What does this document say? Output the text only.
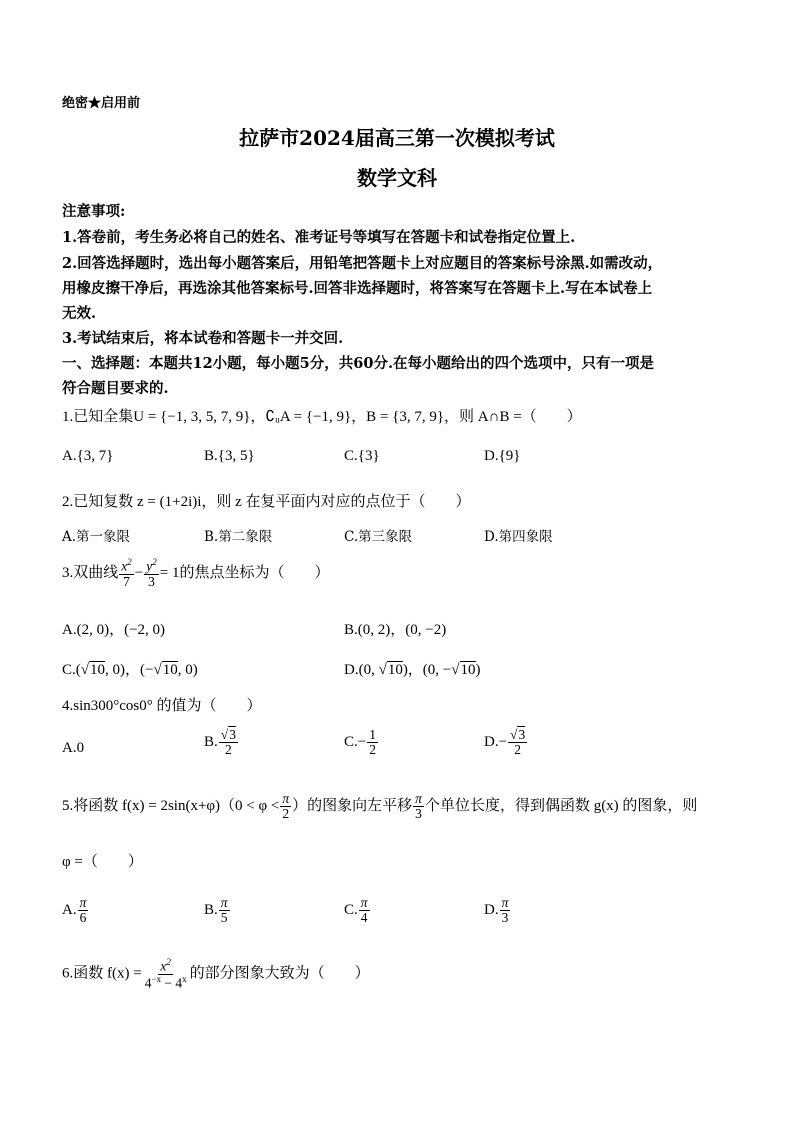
绝密★启用前
拉萨市2024届高三第一次模拟考试
数学文科
注意事项:
1.答卷前，考生务必将自己的姓名、准考证号等填写在答题卡和试卷指定位置上.
2.回答选择题时，选出每小题答案后，用铅笔把答题卡上对应题目的答案标号涂黑.如需改动，
用橡皮擦干净后，再选涂其他答案标号.回答非选择题时，将答案写在答题卡上.写在本试卷上
无效.
3.考试结束后，将本试卷和答题卡一并交回.
一、选择题：本题共12小题，每小题5分，共60分.在每小题给出的四个选项中，只有一项是
符合题目要求的.
1.已知全集U = {−1, 3, 5, 7, 9}，∁ᵤA = {−1, 9}，B = {3, 7, 9}，则 A∩B =（　　）
A.{3, 7}	B.{3, 5}	C.{3}	D.{9}
2.已知复数 z = (1+2i)i，则 z 在复平面内对应的点位于（　　）
A.第一象限	B.第二象限	C.第三象限	D.第四象限
3.双曲线 $\frac{x^2}{7} - \frac{y^2}{3} = 1$的焦点坐标为（　　）
A.(2, 0)，(−2, 0)	B.(0, 2)，(0, −2)
C.(√10, 0)，(−√10, 0)	D.(0, √10)，(0, −√10)
4.sin300°cos0° 的值为（　　）
A.0	B. $\frac{√3}{2}$	$C.- \frac{1}{2}$	$D.- \frac{√3}{2}$
5.将函数 $f(x) = 2\sin(x+\varphi)(0 < \varphi < \frac{\pi}{2}$ ）的图象向左平移 $\frac{\pi}{3}$ 个单位长度，得到偶函数 g(x) 的图象，则
φ =（　　）
A. $\frac{\pi}{6}$	B. $\frac{\pi}{5}$	C. $\frac{\pi}{4}$	D. $\frac{\pi}{3}$
6.函数 $f(x) = \frac{x^2}{4^{-x} - 4^x}$ 的部分图象大致为（　　）
